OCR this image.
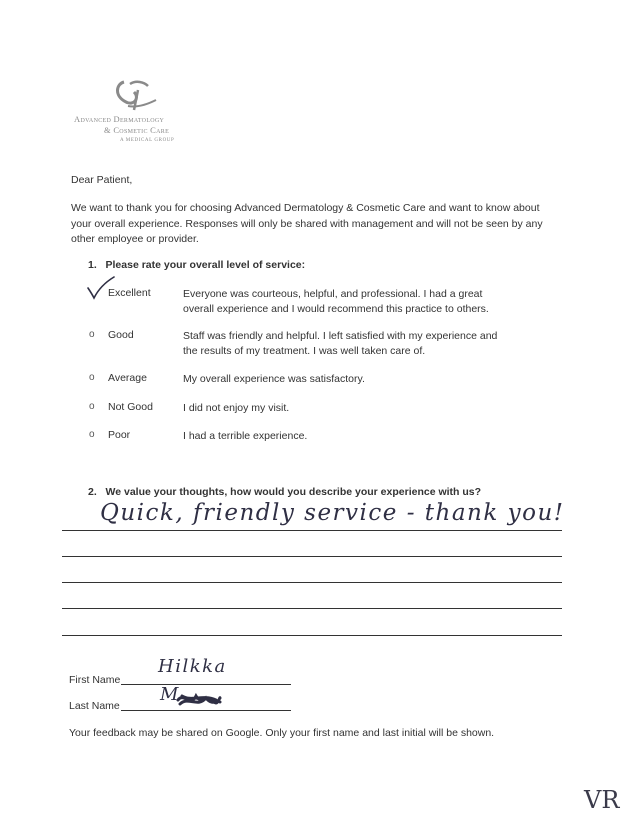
Advanced Dermatology
& Cosmetic Care
A MEDICAL GROUP
Dear Patient,
We want to thank you for choosing Advanced Dermatology & Cosmetic Care and want to know about your overall experience. Responses will only be shared with management and will not be seen by any other employee or provider.
1.   Please rate your overall level of service:
Excellent	Everyone was courteous, helpful, and professional. I had a great overall experience and I would recommend this practice to others.
o Good	Staff was friendly and helpful. I left satisfied with my experience and the results of my treatment. I was well taken care of.
o Average	My overall experience was satisfactory.
o Not Good	I did not enjoy my visit.
o Poor	I had a terrible experience.
2.   We value your thoughts, how would you describe your experience with us?
Quick, friendly service - thank you!
First Name
Hilkka
Last Name
M
Your feedback may be shared on Google. Only your first name and last initial will be shown.
VR
